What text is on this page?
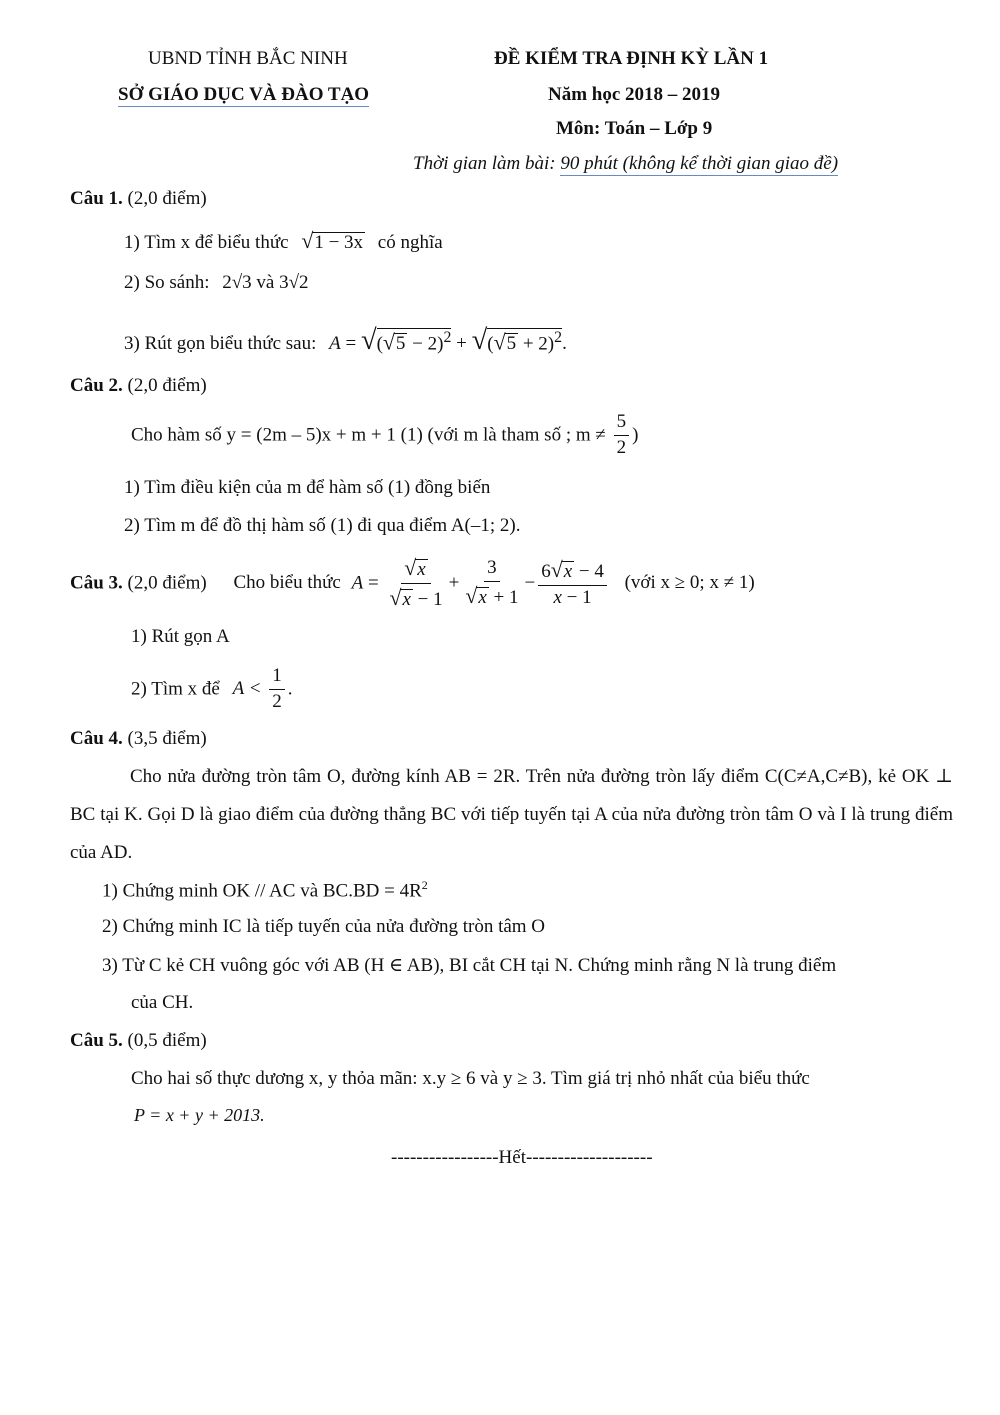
UBND TỈNH BẮC NINH
SỞ GIÁO DỤC VÀ ĐÀO TẠO
ĐỀ KIỂM TRA ĐỊNH KỲ LẦN 1
Năm học 2018 – 2019
Môn: Toán – Lớp 9
Thời gian làm bài: 90 phút (không kể thời gian giao đề)
Câu 1. (2,0 điểm)
1) Tìm x để biểu thức √1 − 3x có nghĩa
2) So sánh: 2√3 và 3√2
3) Rút gọn biểu thức sau: $A = √(√5 - 2)^2 + √(√5 + 2)^2$.
Câu 2. (2,0 điểm)
Cho hàm số y = (2m – 5)x + m + 1 (1) (với m là tham số ; $m \ne \frac{5}{2}$ )
1) Tìm điều kiện của m để hàm số (1) đồng biến
2) Tìm m để đồ thị hàm số (1) đi qua điểm A(–1; 2).
Câu 3. (2,0 điểm) Cho biểu thức $A = \frac{√x}{√x - 1} + \frac{3}{√x + 1} - \frac{6√x - 4}{x - 1}$ (với x ≥ 0; x ≠ 1)
1) Rút gọn A
2) Tìm x để $A < \frac{1}{2}$ .
Câu 4. (3,5 điểm)
Cho nửa đường tròn tâm O, đường kính AB = 2R. Trên nửa đường tròn lấy điểm C(C≠A,C≠B), kẻ OK ⊥ BC tại K. Gọi D là giao điểm của đường thẳng BC với tiếp tuyến tại A của nửa đường tròn tâm O và I là trung điểm của AD.
1) Chứng minh OK // AC và $BC.BD = 4R^2$
2) Chứng minh IC là tiếp tuyến của nửa đường tròn tâm O
3) Từ C kẻ CH vuông góc với AB (H ∈ AB), BI cắt CH tại N. Chứng minh rằng N là trung điểm
của CH.
Câu 5. (0,5 điểm)
Cho hai số thực dương x, y thỏa mãn: x.y ≥ 6 và y ≥ 3. Tìm giá trị nhỏ nhất của biểu thức
P = x + y + 2013.
-----------------Hết--------------------
